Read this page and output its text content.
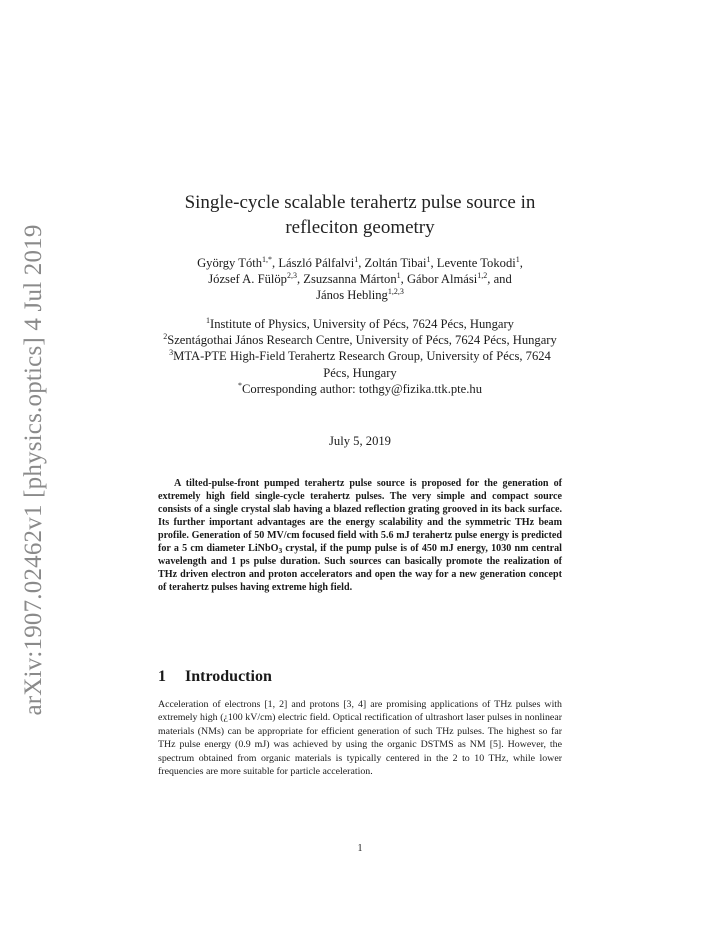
arXiv:1907.02462v1 [physics.optics] 4 Jul 2019
Single-cycle scalable terahertz pulse source in
refleciton geometry
György Tóth$^{1,*}$, László Pálfalvi$^1$, Zoltán Tibai$^1$, Levente Tokodi$^1$,
József A. Fülöp$^{2,3}$, Zsuzsanna Márton$^1$, Gábor Almási$^{1,2}$, and
János Hebling$^{1,2,3}$
$^1$Institute of Physics, University of Pécs, 7624 Pécs, Hungary
$^2$Szentágothai János Research Centre, University of Pécs, 7624 Pécs, Hungary
$^3$MTA-PTE High-Field Terahertz Research Group, University of Pécs, 7624 Pécs, Hungary
*Corresponding author: tothgy@fizika.ttk.pte.hu
July 5, 2019
A tilted-pulse-front pumped terahertz pulse source is proposed for the generation of extremely high field single-cycle terahertz pulses. The very simple and compact source consists of a single crystal slab having a blazed reflection grating grooved in its back surface. Its further important advantages are the energy scalability and the symmetric THz beam profile. Generation of 50 MV/cm focused field with 5.6 mJ terahertz pulse energy is predicted for a 5 cm diameter LiNbO$_3$ crystal, if the pump pulse is of 450 mJ energy, 1030 nm central wavelength and 1 ps pulse duration. Such sources can basically promote the realization of THz driven electron and proton accelerators and open the way for a new generation concept of terahertz pulses having extreme high field.
1 Introduction
Acceleration of electrons [1, 2] and protons [3, 4] are promising applications of THz pulses with extremely high (¿100 kV/cm) electric field. Optical rectification of ultrashort laser pulses in nonlinear materials (NMs) can be appropriate for efficient generation of such THz pulses. The highest so far THz pulse energy (0.9 mJ) was achieved by using the organic DSTMS as NM [5]. However, the spectrum obtained from organic materials is typically centered in the 2 to 10 THz, while lower frequencies are more suitable for particle acceleration.
1
